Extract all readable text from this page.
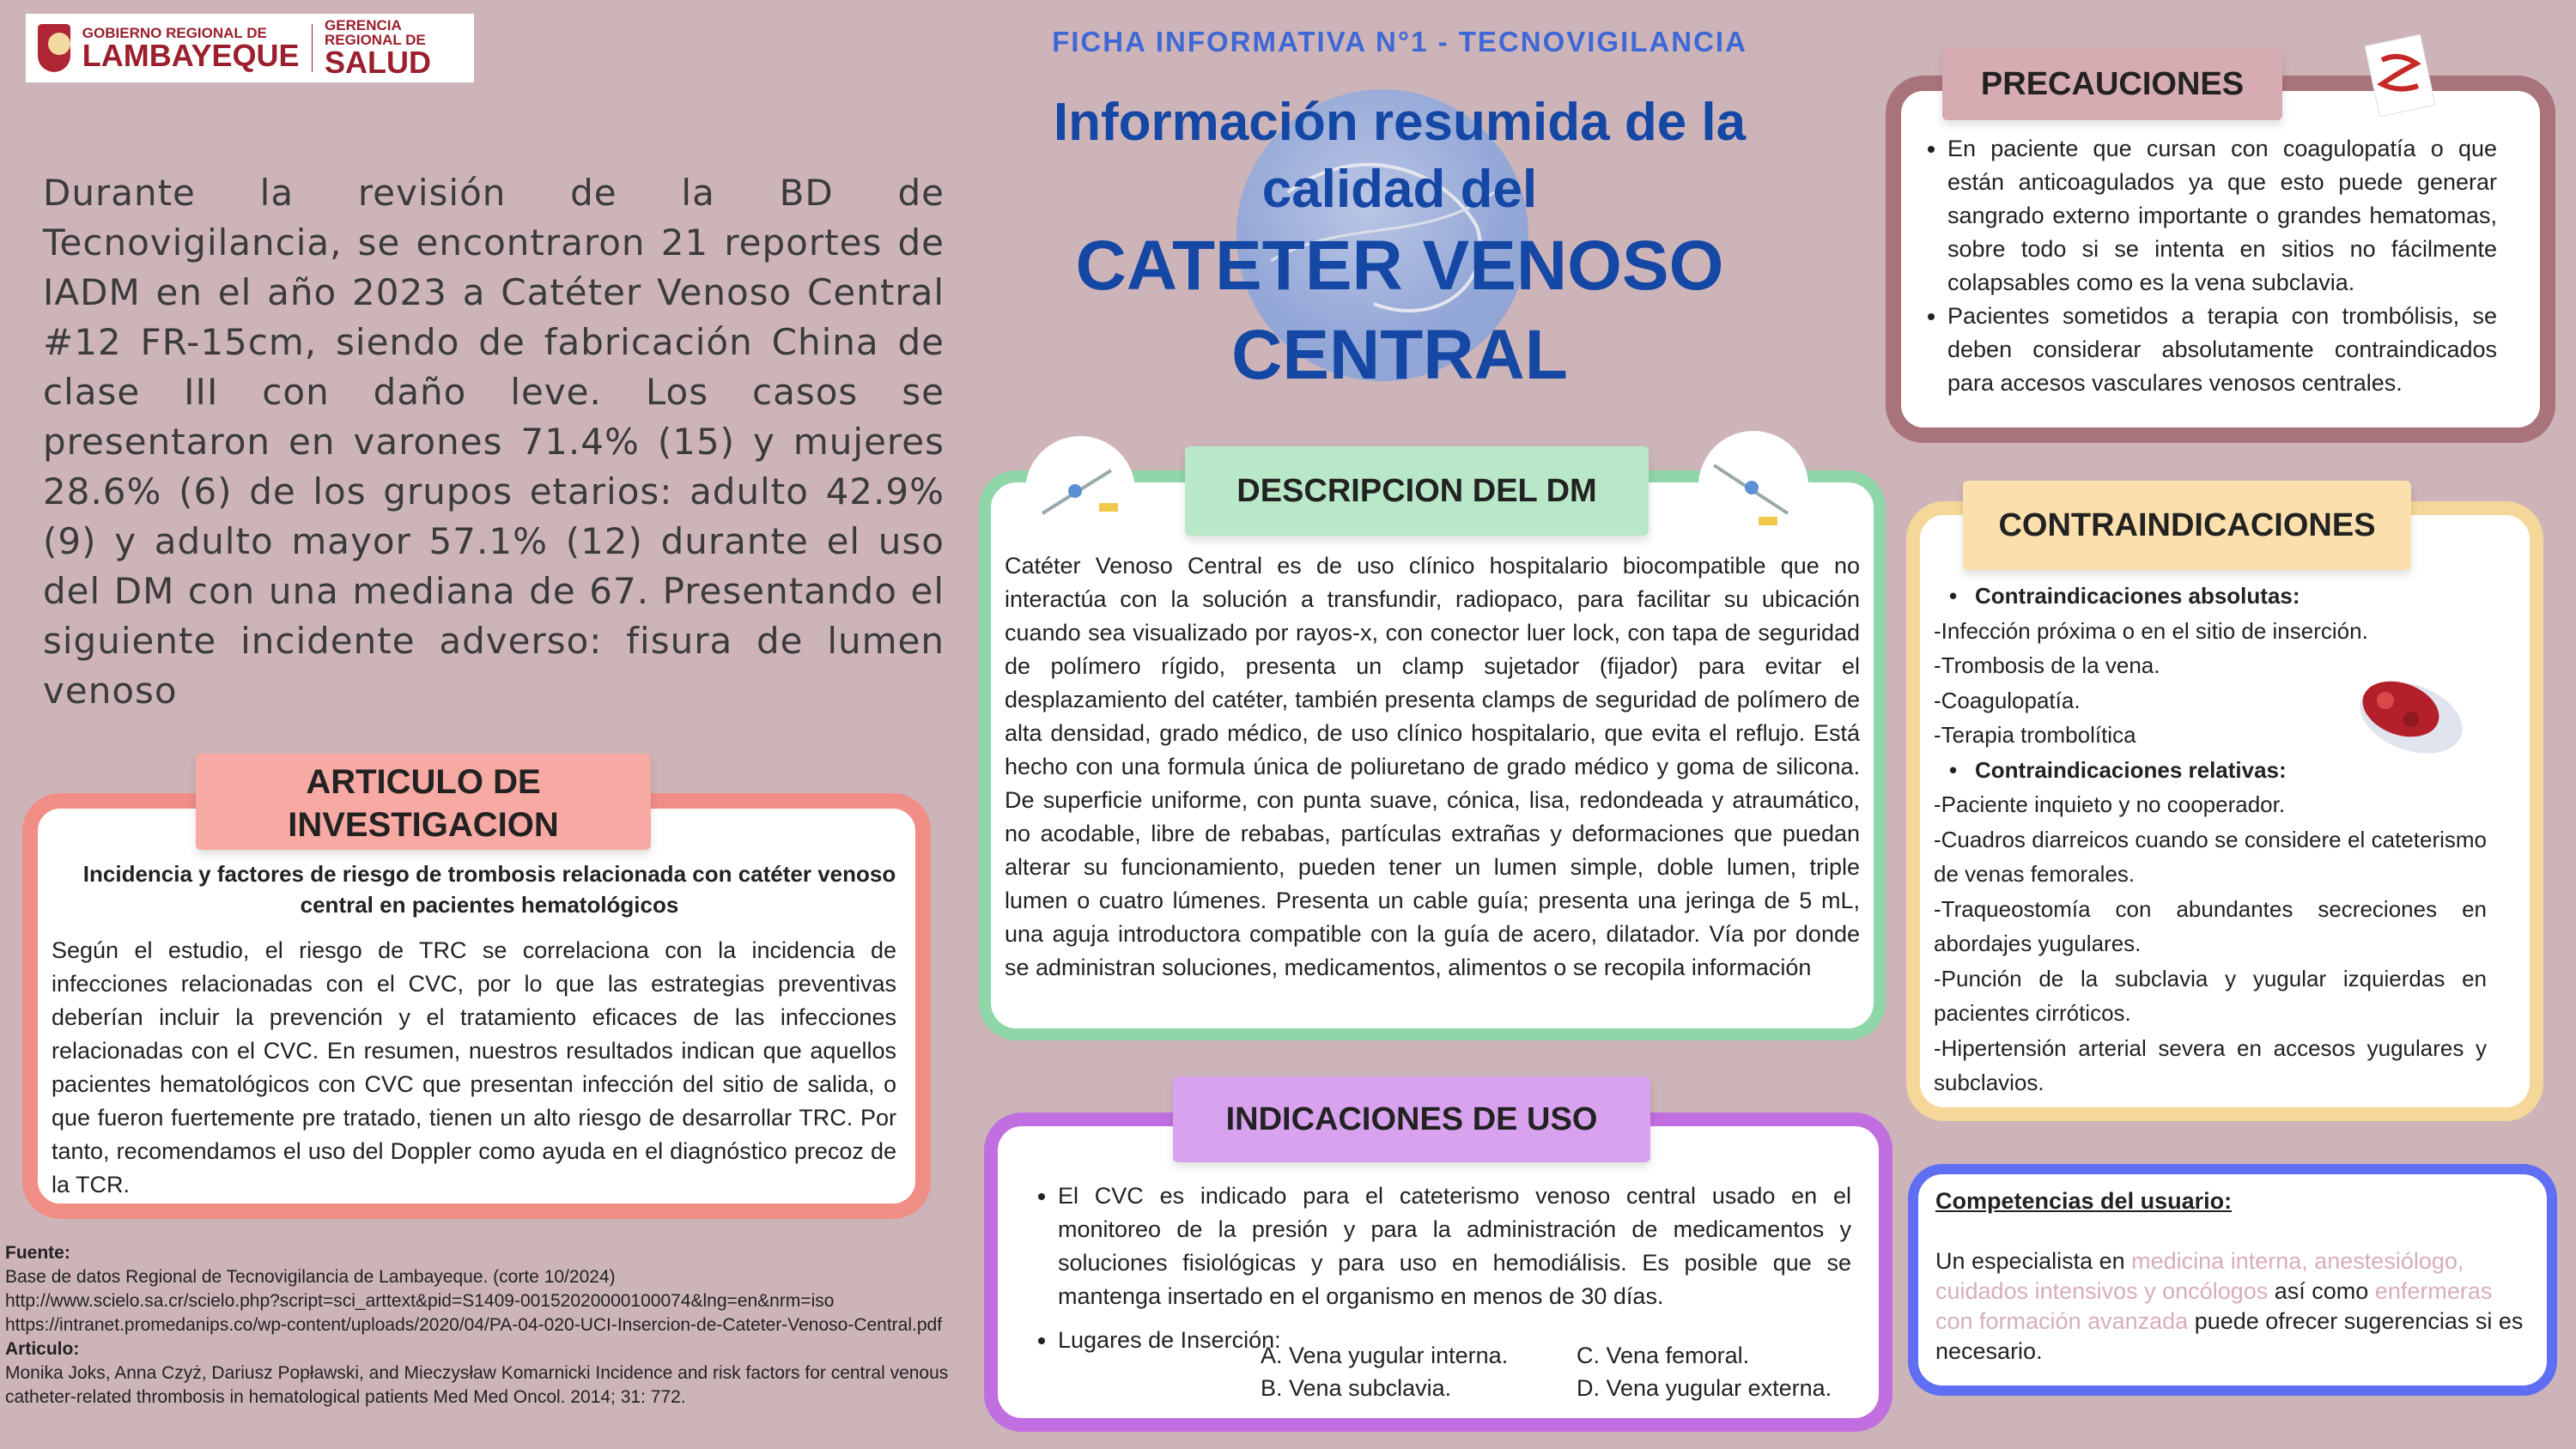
GOBIERNO REGIONAL DE
LAMBAYEQUE
GERENCIA REGIONAL DE
SALUD
FICHA INFORMATIVA N°1 - TECNOVIGILANCIA
Información resumida de la
calidad del
CATETER VENOSO
CENTRAL
Durante la revisión de la BD de Tecnovigilancia, se encontraron 21 reportes de IADM en el año 2023 a Catéter Venoso Central #12 FR-15cm, siendo de fabricación China de clase III con daño leve. Los casos se presentaron en varones 71.4% (15) y mujeres 28.6% (6) de los grupos etarios: adulto 42.9% (9) y adulto mayor 57.1% (12) durante el uso del DM con una mediana de 67. Presentando el siguiente incidente adverso: fisura de lumen venoso
ARTICULO DE
INVESTIGACION
Incidencia y factores de riesgo de trombosis relacionada con catéter venoso central en pacientes hematológicos
Según el estudio, el riesgo de TRC se correlaciona con la incidencia de infecciones relacionadas con el CVC, por lo que las estrategias preventivas deberían incluir la prevención y el tratamiento eficaces de las infecciones relacionadas con el CVC. En resumen, nuestros resultados indican que aquellos pacientes hematológicos con CVC que presentan infección del sitio de salida, o que fueron fuertemente pre tratado, tienen un alto riesgo de desarrollar TRC. Por tanto, recomendamos el uso del Doppler como ayuda en el diagnóstico precoz de la TCR.
Fuente:
Base de datos Regional de Tecnovigilancia de Lambayeque. (corte 10/2024)
http://www.scielo.sa.cr/scielo.php?script=sci_arttext&pid=S1409-00152020000100074&lng=en&nrm=iso
https://intranet.promedanips.co/wp-content/uploads/2020/04/PA-04-020-UCI-Insercion-de-Cateter-Venoso-Central.pdf
Articulo:
Monika Joks, Anna Czyż, Dariusz Popławski, and Mieczysław Komarnicki Incidence and risk factors for central venous catheter-related thrombosis in hematological patients Med Med Oncol. 2014; 31: 772.
DESCRIPCION DEL DM
Catéter Venoso Central es de uso clínico hospitalario biocompatible que no interactúa con la solución a transfundir, radiopaco, para facilitar su ubicación cuando sea visualizado por rayos-x, con conector luer lock, con tapa de seguridad de polímero rígido, presenta un clamp sujetador (fijador) para evitar el desplazamiento del catéter, también presenta clamps de seguridad de polímero de alta densidad, grado médico, de uso clínico hospitalario, que evita el reflujo. Está hecho con una formula única de poliuretano de grado médico y goma de silicona. De superficie uniforme, con punta suave, cónica, lisa, redondeada y atraumático, no acodable, libre de rebabas, partículas extrañas y deformaciones que puedan alterar su funcionamiento, pueden tener un lumen simple, doble lumen, triple lumen o cuatro lúmenes. Presenta un cable guía; presenta una jeringa de 5 mL, una aguja introductora compatible con la guía de acero, dilatador. Vía por donde se administran soluciones, medicamentos, alimentos o se recopila información
INDICACIONES DE USO
• El CVC es indicado para el cateterismo venoso central usado en el monitoreo de la presión y para la administración de medicamentos y soluciones fisiológicas y para uso en hemodiálisis. Es posible que se mantenga insertado en el organismo en menos de 30 días.
• Lugares de Inserción:
A. Vena yugular interna.	C. Vena femoral.
B. Vena subclavia.	D. Vena yugular externa.
PRECAUCIONES
• En paciente que cursan con coagulopatía o que están anticoagulados ya que esto puede generar sangrado externo importante o grandes hematomas, sobre todo si se intenta en sitios no fácilmente colapsables como es la vena subclavia.
• Pacientes sometidos a terapia con trombólisis, se deben considerar absolutamente contraindicados para accesos vasculares venosos centrales.
CONTRAINDICACIONES
• Contraindicaciones absolutas:
-Infección próxima o en el sitio de inserción.
-Trombosis de la vena.
-Coagulopatía.
-Terapia trombolítica
• Contraindicaciones relativas:
-Paciente inquieto y no cooperador.
-Cuadros diarreicos cuando se considere el cateterismo de venas femorales.
-Traqueostomía con abundantes secreciones en abordajes yugulares.
-Punción de la subclavia y yugular izquierdas en pacientes cirróticos.
-Hipertensión arterial severa en accesos yugulares y subclavios.
Competencias del usuario:
Un especialista en medicina interna, anestesiólogo, cuidados intensivos y oncólogos así como enfermeras con formación avanzada puede ofrecer sugerencias si es necesario.
